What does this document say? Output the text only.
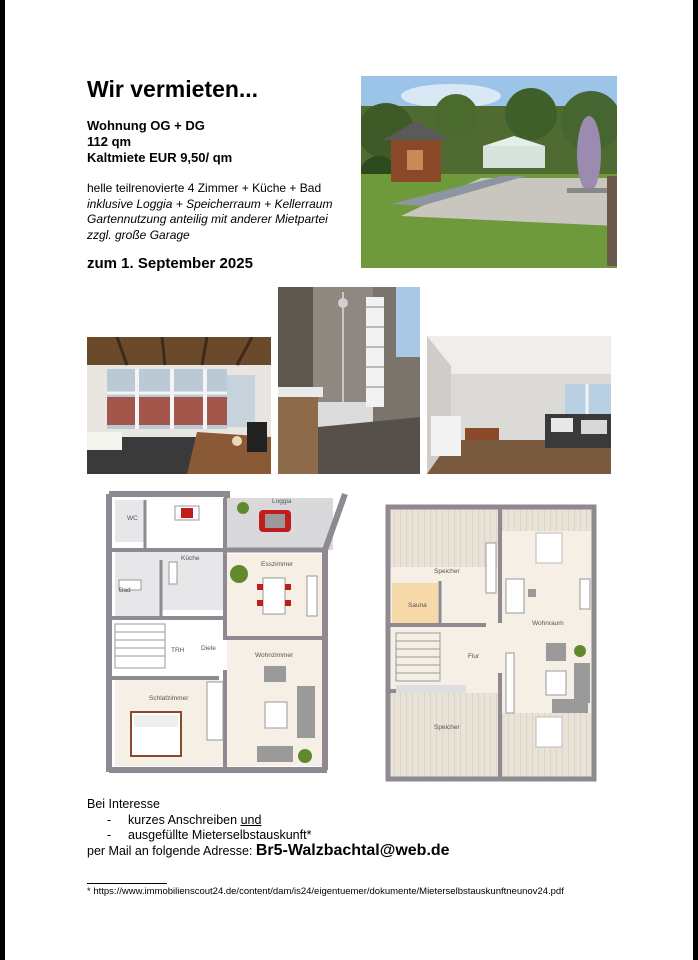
Wir vermieten...
Wohnung OG + DG
112 qm
Kaltmiete EUR 9,50/ qm
helle teilrenovierte 4 Zimmer + Küche + Bad
inklusive Loggia + Speicherraum + Kellerraum
Gartennutzung anteilig mit anderer Mietpartei
zzgl. große Garage
zum 1. September 2025
WC
Loggia
Küche
Bad
Esszimmer
TRH	Diele
Wohnzimmer
Schlafzimmer
Speicher
Sauna
Wohnraum
Flur
Speicher
Bei Interesse
- kurzes Anschreiben und
- ausgefüllte Mieterselbstauskunft*
per Mail an folgende Adresse: Br5-Walzbachtal@web.de
* https://www.immobilienscout24.de/content/dam/is24/eigentuemer/dokumente/Mieterselbstauskunftneunov24.pdf
